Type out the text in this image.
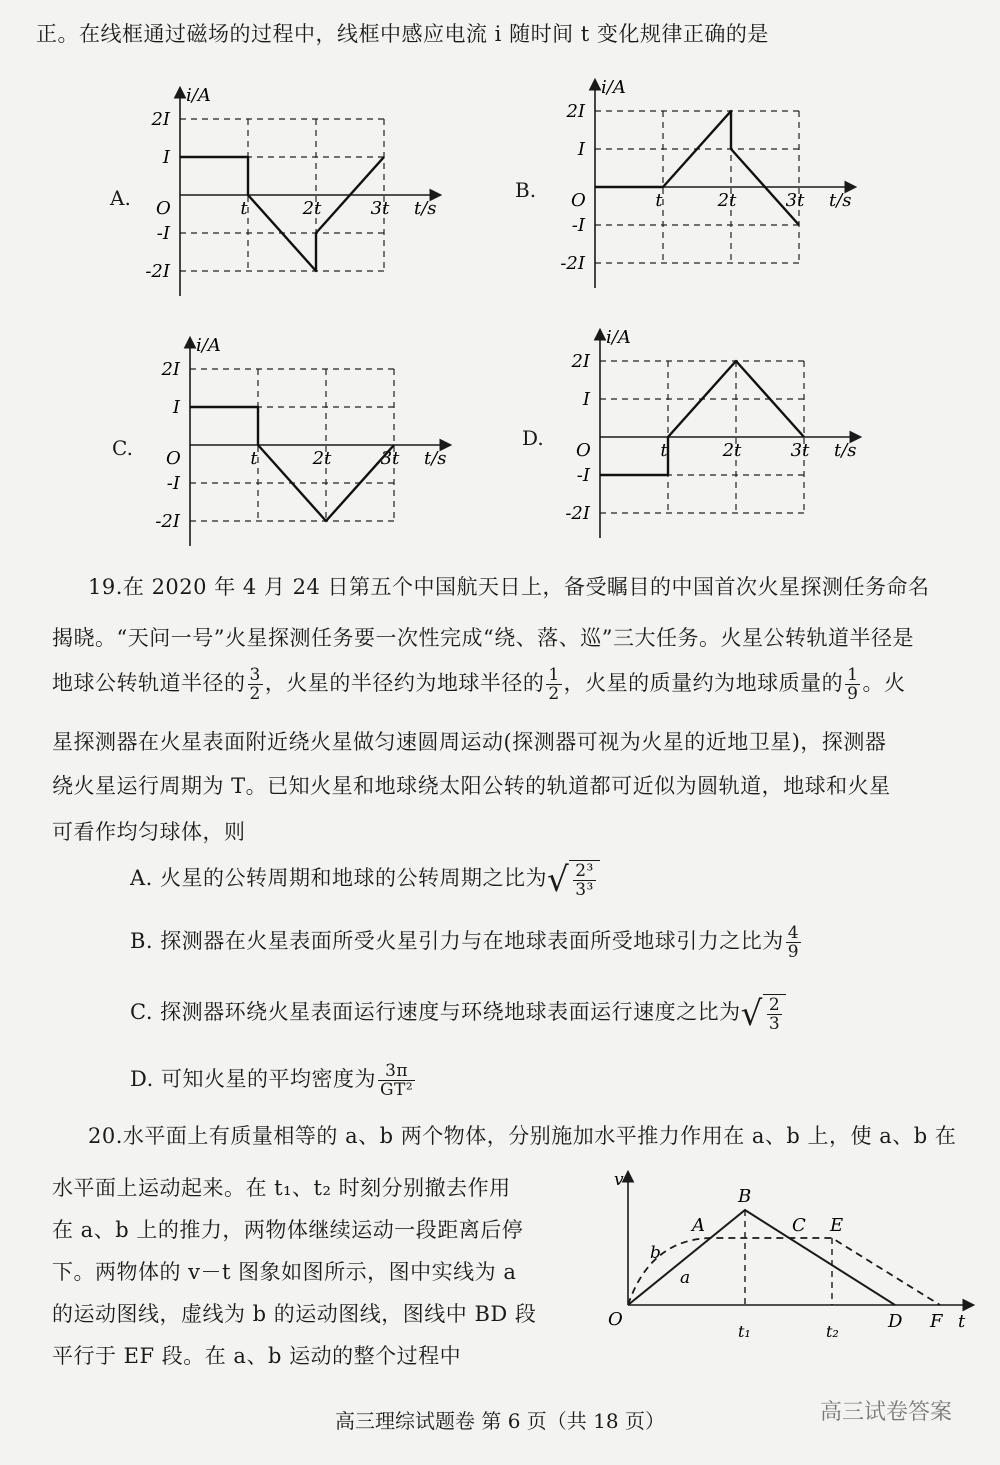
正。在线框通过磁场的过程中，线框中感应电流 i 随时间 t 变化规律正确的是
A.	B.
C.	D.
2I
I
-I
-2I
t	2t	3t
O
i/A
t/s
2I
I
-I
-2I
t	2t	3t
O
i/A
t/s
2I
I
-I
-2I
t	2t	3t
O
i/A
t/s
2I
I
-I
-2I
t	2t	3t
O
i/A
t/s
19.在 2020 年 4 月 24 日第五个中国航天日上，备受瞩目的中国首次火星探测任务命名
揭晓。“天问一号”火星探测任务要一次性完成“绕、落、巡”三大任务。火星公转轨道半径是
地球公转轨道半径的 $\frac{3}{2}$ ，火星的半径约为地球半径的 $\frac{1}{2}$ ，火星的质量约为地球质量的 $\frac{1}{9}$ 。火
星探测器在火星表面附近绕火星做匀速圆周运动(探测器可视为火星的近地卫星)，探测器
绕火星运行周期为 T。已知火星和地球绕太阳公转的轨道都可近似为圆轨道，地球和火星
可看作均匀球体，则
A. 火星的公转周期和地球的公转周期之比为 √ $\frac{\text{2³}}{\text{3³}}$
B. 探测器在火星表面所受火星引力与在地球表面所受地球引力之比为 $\frac{4}{9}$
C. 探测器环绕火星表面运行速度与环绕地球表面运行速度之比为 √ $\frac{2}{3}$
D. 可知火星的平均密度为 $\frac{3\pi}{\text{GT²}}$
20.水平面上有质量相等的 a、b 两个物体，分别施加水平推力作用在 a、b 上，使 a、b 在
水平面上运动起来。在 t₁、t₂ 时刻分别撤去作用
在 a、b 上的推力，两物体继续运动一段距离后停
下。两物体的 v－t 图象如图所示，图中实线为 a
的运动图线，虚线为 b 的运动图线，图线中 BD 段
平行于 EF 段。在 a、b 运动的整个过程中
v
t
O
A
B
C E
D F
b
a
t₁	t₂
高三理综试题卷 第 6 页（共 18 页）	高三试卷答案
